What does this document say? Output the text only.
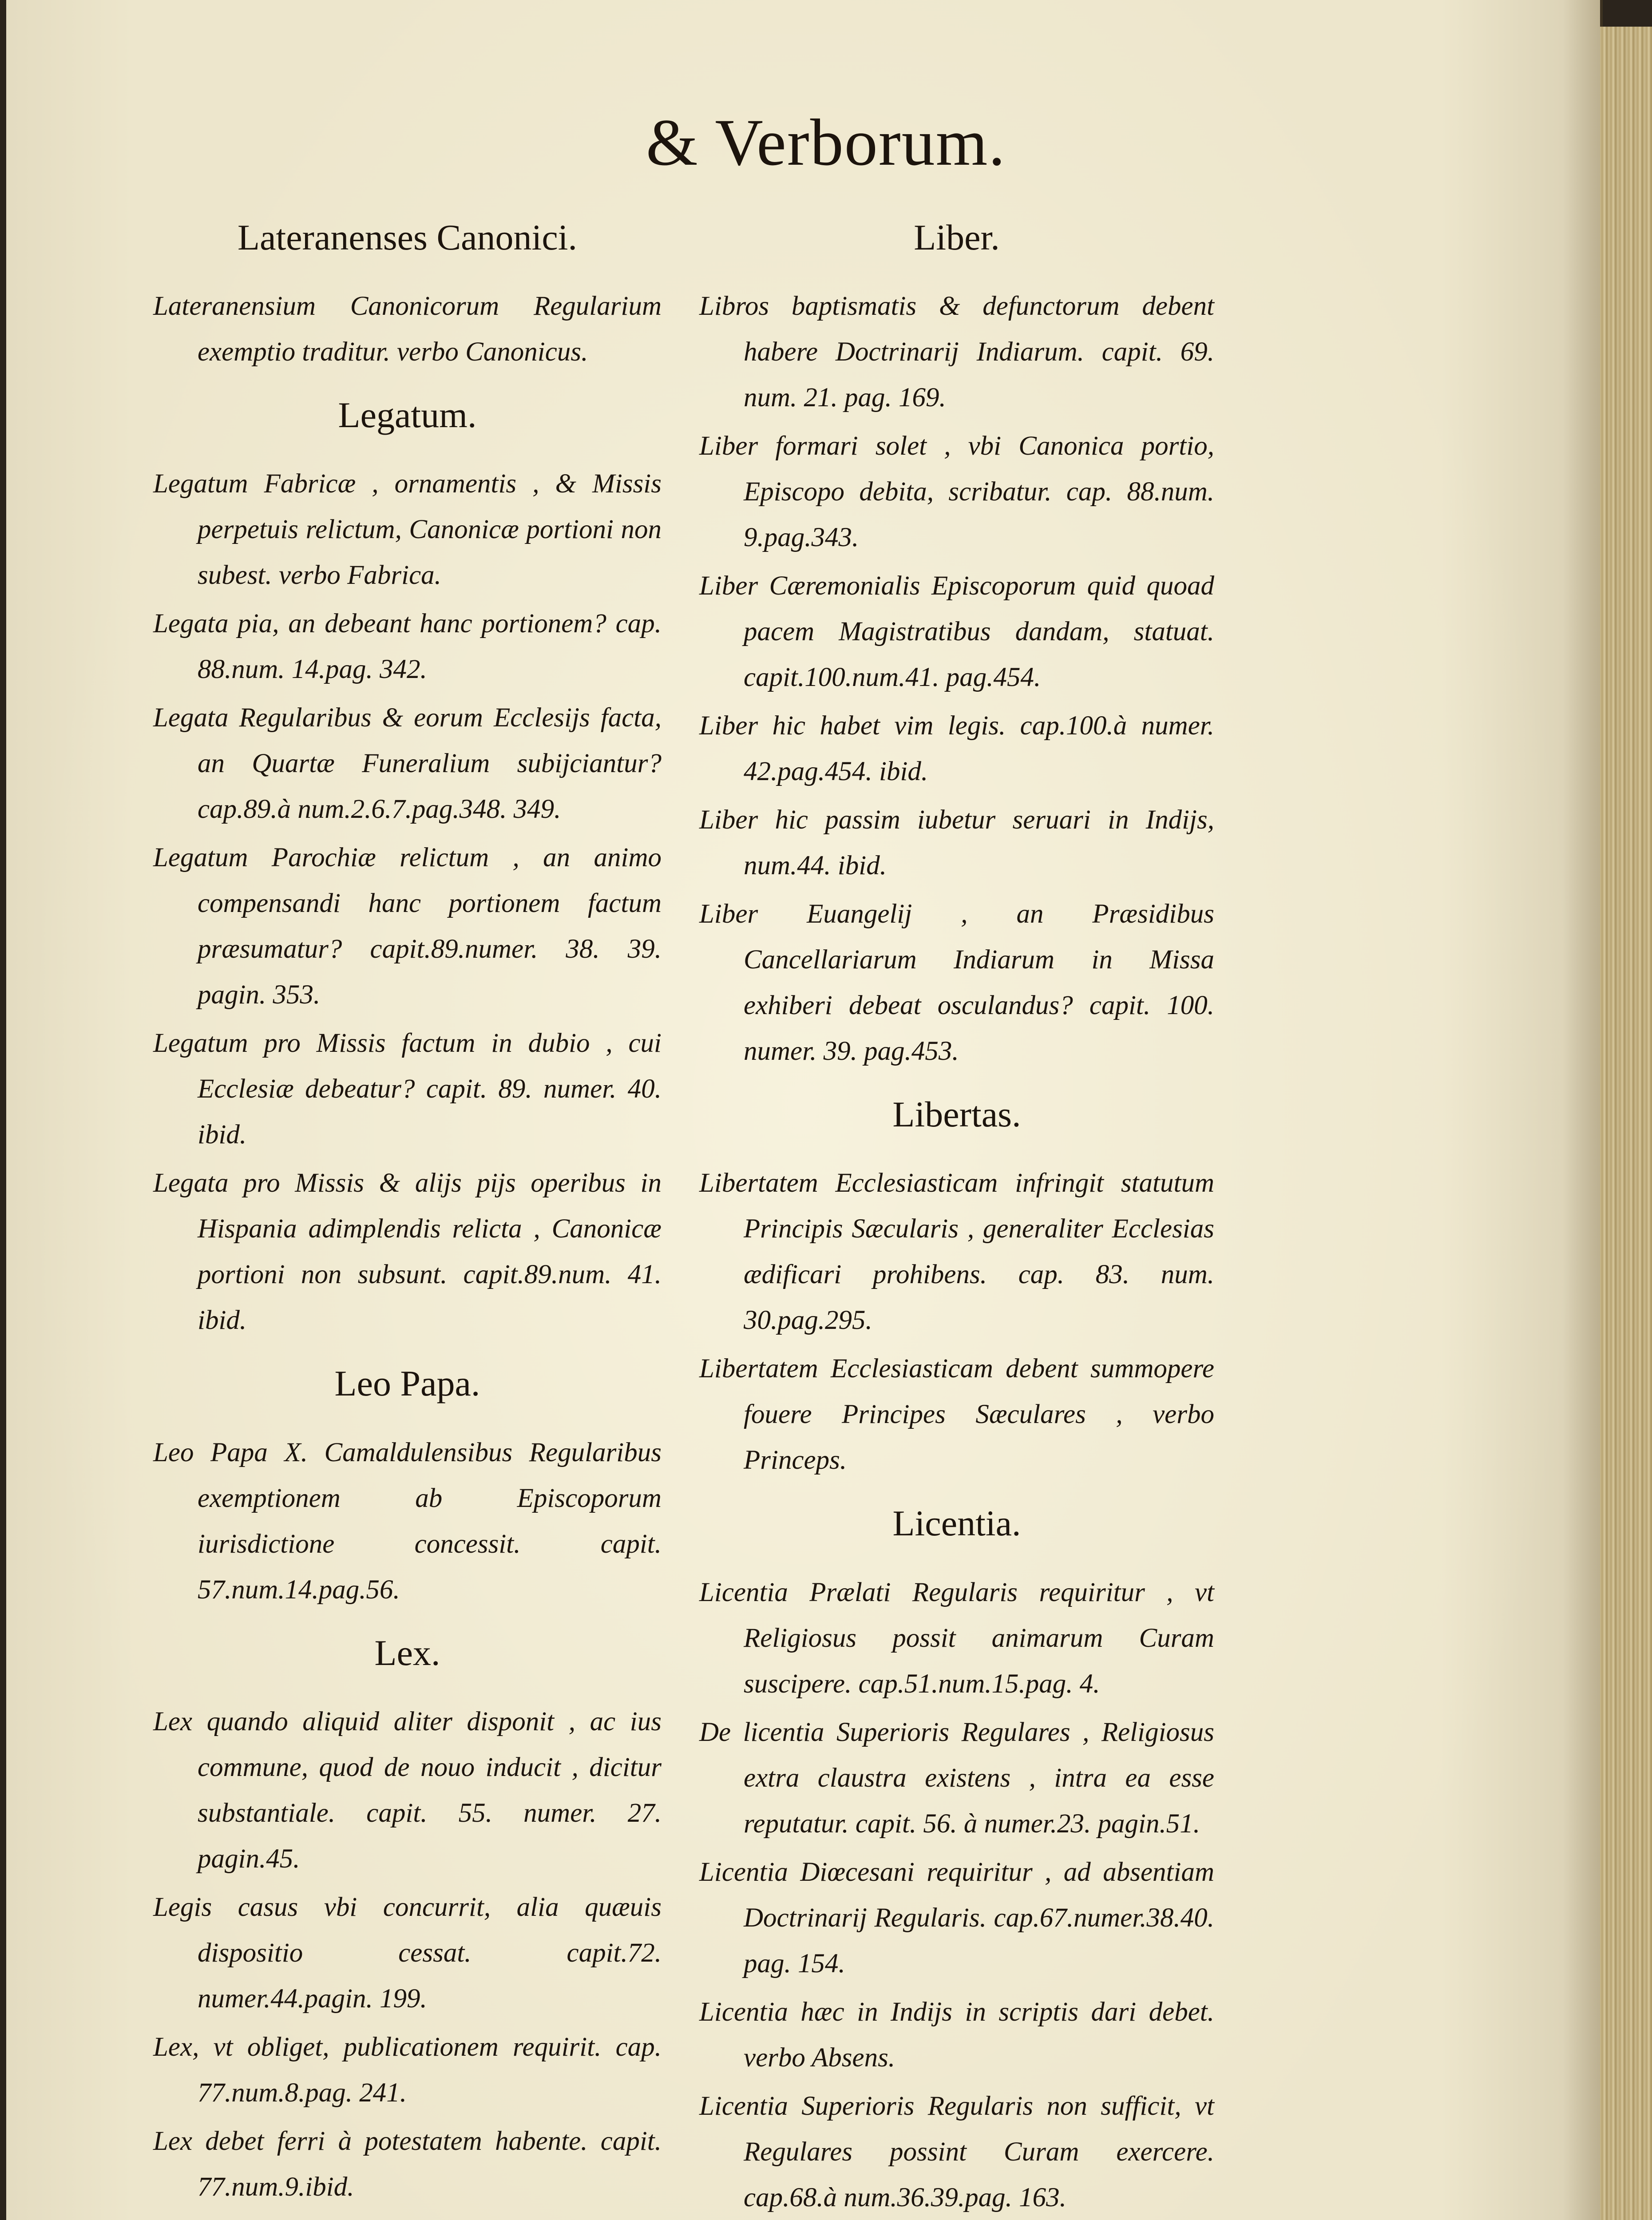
& Verborum.
Lateranenses Canonici.
Lateranensium Canonicorum Regularium exemptio traditur. verbo Canonicus.
Legatum.
Legatum Fabricæ , ornamentis , & Missis perpetuis relictum, Canonicæ portioni non subest. verbo Fabrica.
Legata pia, an debeant hanc portionem? cap. 88.num. 14.pag. 342.
Legata Regularibus & eorum Ecclesijs facta, an Quartæ Funeralium subijciantur? cap.89.à num.2.6.7.pag.348. 349.
Legatum Parochiæ relictum , an animo compensandi hanc portionem factum præsumatur? capit.89.numer. 38. 39. pagin. 353.
Legatum pro Missis factum in dubio , cui Ecclesiæ debeatur? capit. 89. numer. 40. ibid.
Legata pro Missis & alijs pijs operibus in Hispania adimplendis relicta , Canonicæ portioni non subsunt. capit.89.num. 41. ibid.
Leo Papa.
Leo Papa X. Camaldulensibus Regularibus exemptionem ab Episcoporum iurisdictione concessit. capit. 57.num.14.pag.56.
Lex.
Lex quando aliquid aliter disponit , ac ius commune, quod de nouo inducit , dicitur substantiale. capit. 55. numer. 27. pagin.45.
Legis casus vbi concurrit, alia quæuis dispositio cessat. capit.72. numer.44.pagin. 199.
Lex, vt obliget, publicationem requirit. cap. 77.num.8.pag. 241.
Lex debet ferri à potestatem habente. capit. 77.num.9.ibid.
Liber.
Libros baptismatis & defunctorum debent habere Doctrinarij Indiarum. capit. 69. num. 21. pag. 169.
Liber formari solet , vbi Canonica portio, Episcopo debita, scribatur. cap. 88.num. 9.pag.343.
Liber Cæremonialis Episcoporum quid quoad pacem Magistratibus dandam, statuat. capit.100.num.41. pag.454.
Liber hic habet vim legis. cap.100.à numer. 42.pag.454. ibid.
Liber hic passim iubetur seruari in Indijs, num.44. ibid.
Liber Euangelij , an Præsidibus Cancellariarum Indiarum in Missa exhiberi debeat osculandus? capit. 100. numer. 39. pag.453.
Libertas.
Libertatem Ecclesiasticam infringit statutum Principis Sæcularis , generaliter Ecclesias ædificari prohibens. cap. 83. num. 30.pag.295.
Libertatem Ecclesiasticam debent summopere fouere Principes Sæculares , verbo Princeps.
Licentia.
Licentia Prælati Regularis requiritur , vt Religiosus possit animarum Curam suscipere. cap.51.num.15.pag. 4.
De licentia Superioris Regulares , Religiosus extra claustra existens , intra ea esse reputatur. capit. 56. à numer.23. pagin.51.
Licentia Diœcesani requiritur , ad absentiam Doctrinarij Regularis. cap.67.numer.38.40. pag. 154.
Licentia hæc in Indijs in scriptis dari debet. verbo Absens.
Licentia Superioris Regularis non sufficit, vt Regulares possint Curam exercere. cap.68.à num.36.39.pag. 163.
